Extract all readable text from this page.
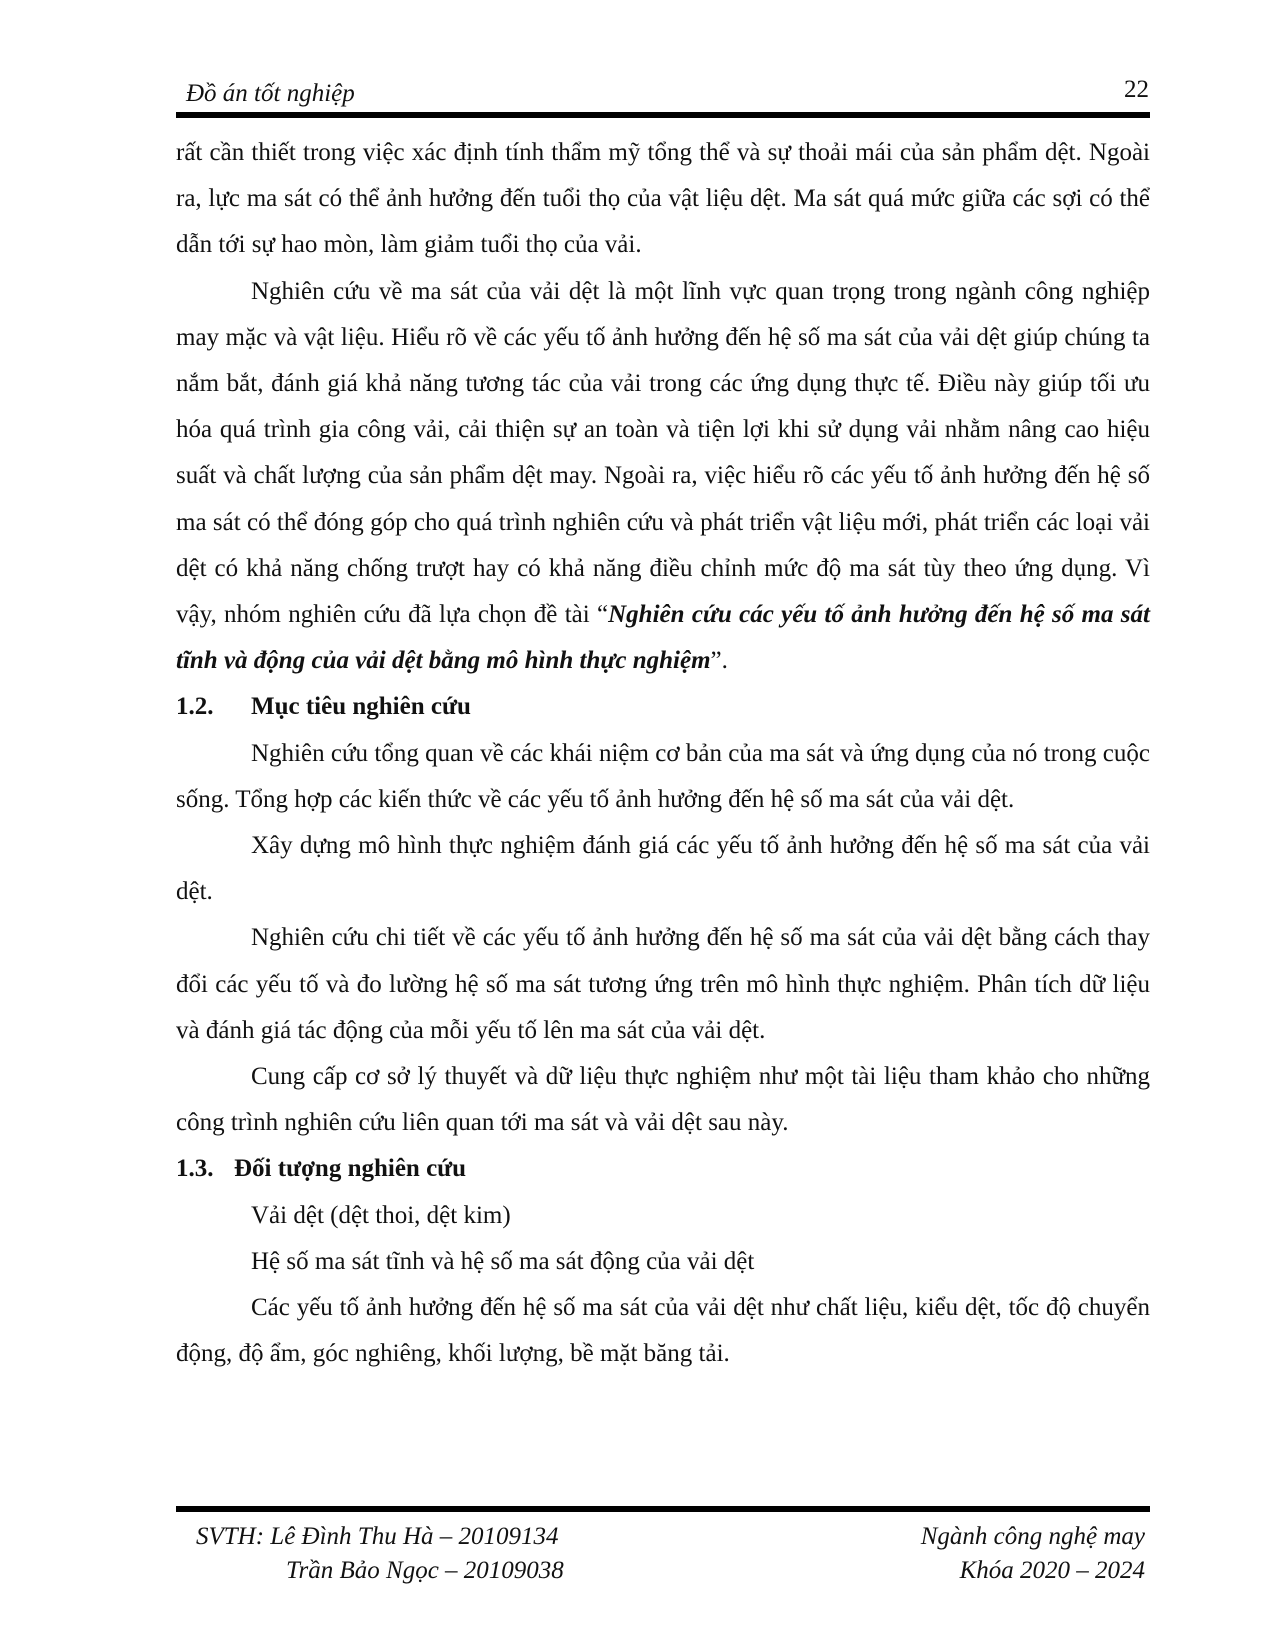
Đồ án tốt nghiệp	22

rất cần thiết trong việc xác định tính thẩm mỹ tổng thể và sự thoải mái của sản phẩm dệt. Ngoài ra, lực ma sát có thể ảnh hưởng đến tuổi thọ của vật liệu dệt. Ma sát quá mức giữa các sợi có thể dẫn tới sự hao mòn, làm giảm tuổi thọ của vải.

Nghiên cứu về ma sát của vải dệt là một lĩnh vực quan trọng trong ngành công nghiệp may mặc và vật liệu. Hiểu rõ về các yếu tố ảnh hưởng đến hệ số ma sát của vải dệt giúp chúng ta nắm bắt, đánh giá khả năng tương tác của vải trong các ứng dụng thực tế. Điều này giúp tối ưu hóa quá trình gia công vải, cải thiện sự an toàn và tiện lợi khi sử dụng vải nhằm nâng cao hiệu suất và chất lượng của sản phẩm dệt may. Ngoài ra, việc hiểu rõ các yếu tố ảnh hưởng đến hệ số ma sát có thể đóng góp cho quá trình nghiên cứu và phát triển vật liệu mới, phát triển các loại vải dệt có khả năng chống trượt hay có khả năng điều chỉnh mức độ ma sát tùy theo ứng dụng. Vì vậy, nhóm nghiên cứu đã lựa chọn đề tài “Nghiên cứu các yếu tố ảnh hưởng đến hệ số ma sát tĩnh và động của vải dệt bằng mô hình thực nghiệm”.

1.2. Mục tiêu nghiên cứu

Nghiên cứu tổng quan về các khái niệm cơ bản của ma sát và ứng dụng của nó trong cuộc sống. Tổng hợp các kiến thức về các yếu tố ảnh hưởng đến hệ số ma sát của vải dệt.

Xây dựng mô hình thực nghiệm đánh giá các yếu tố ảnh hưởng đến hệ số ma sát của vải dệt.

Nghiên cứu chi tiết về các yếu tố ảnh hưởng đến hệ số ma sát của vải dệt bằng cách thay đổi các yếu tố và đo lường hệ số ma sát tương ứng trên mô hình thực nghiệm. Phân tích dữ liệu và đánh giá tác động của mỗi yếu tố lên ma sát của vải dệt.

Cung cấp cơ sở lý thuyết và dữ liệu thực nghiệm như một tài liệu tham khảo cho những công trình nghiên cứu liên quan tới ma sát và vải dệt sau này.

1.3. Đối tượng nghiên cứu

Vải dệt (dệt thoi, dệt kim)

Hệ số ma sát tĩnh và hệ số ma sát động của vải dệt

Các yếu tố ảnh hưởng đến hệ số ma sát của vải dệt như chất liệu, kiểu dệt, tốc độ chuyển động, độ ẩm, góc nghiêng, khối lượng, bề mặt băng tải.

SVTH: Lê Đình Thu Hà – 20109134
Trần Bảo Ngọc – 20109038
Ngành công nghệ may
Khóa 2020 – 2024
